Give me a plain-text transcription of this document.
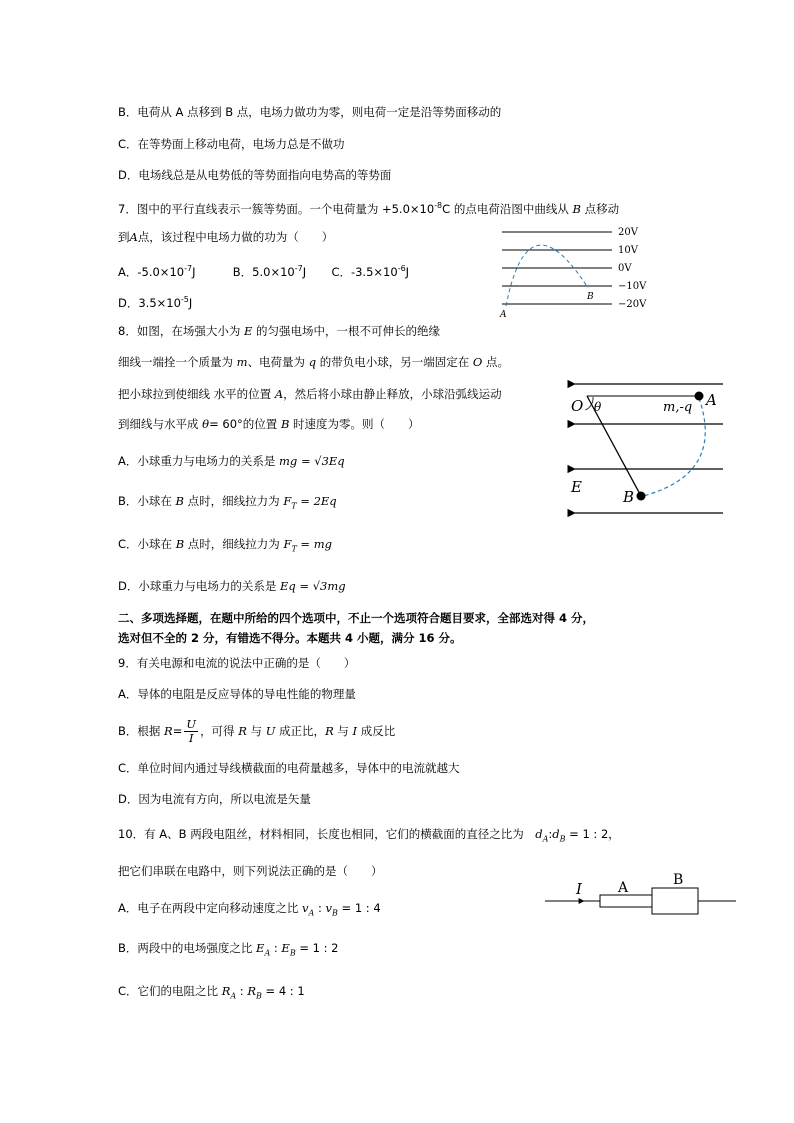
B．电荷从 A 点移到 B 点，电场力做功为零，则电荷一定是沿等势面移动的
C．在等势面上移动电荷，电场力总是不做功
D．电场线总是从电势低的等势面指向电势高的等势面
7．图中的平行直线表示一簇等势面。一个电荷量为 $+5.0\times 10^{-8}C$ 的点电荷沿图中曲线从 B 点移动
到A点，该过程中电场力做的功为（　　）
A．$-5.0\times 10^{-7}J$	B．$5.0\times 10^{-7}J$ C．$-3.5\times 10^{-6}J$
D．$3.5\times 10^{-5}J$
20V
10V
0V
−10V
−20V
A
B
8．如图，在场强大小为 E 的匀强电场中，一根不可伸长的绝缘
细线一端拴一个质量为 m、电荷量为 q 的带负电小球，另一端固定在 O 点。
把小球拉到使细线 水平的位置 A，然后将小球由静止释放，小球沿弧线运动
到细线与水平成 θ= 60°的位置 B 时速度为零。则（　　）
A．小球重力与电场力的关系是 mg = √3Eq
B．小球在 B 点时，细线拉力为 $F_T = 2Eq$
C．小球在 B 点时，细线拉力为 $F_T$ = mg
D．小球重力与电场力的关系是 Eq = √3mg
O θ	m,-q A
E
B
二、多项选择题，在题中所给的四个选项中，不止一个选项符合题目要求，全部选对得 4 分，
选对但不全的 2 分，有错选不得分。本题共 4 小题，满分 16 分。
9．有关电源和电流的说法中正确的是（　　）
A．导体的电阻是反应导体的导电性能的物理量
B．根据 $R= \frac{U}{I}$ ，可得 R 与 U 成正比，R 与 I 成反比
C．单位时间内通过导线横截面的电荷量越多，导体中的电流就越大
D．因为电流有方向，所以电流是矢量
10．有 A、B 两段电阻丝，材料相同，长度也相同，它们的横截面的直径之比为　 $d_A:d_B = 1$ : 2，
把它们串联在电路中，则下列说法正确的是（　　）
A．电子在两段中定向移动速度之比 $v_A$ : $v_B = 1$ : 4
B．两段中的电场强度之比 $E_A$ : $E_B = 1$ : 2
C．它们的电阻之比 $R_A$ : $R_B = 4$ : 1
I	A	B
